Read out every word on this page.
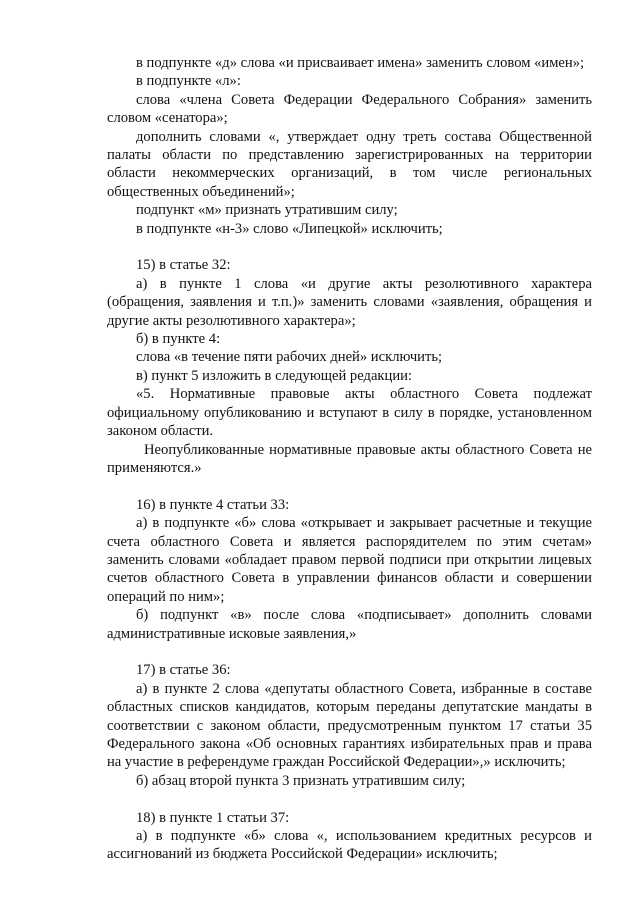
в подпункте «д» слова «и присваивает имена» заменить словом «имен»;

в подпункте «л»:

слова «члена Совета Федерации Федерального Собрания» заменить словом «сенатора»;

дополнить словами «, утверждает одну треть состава Общественной палаты области по представлению зарегистрированных на территории области некоммерческих организаций, в том числе региональных общественных объединений»;

подпункт «м» признать утратившим силу;

в подпункте «н-3» слово «Липецкой» исключить;

15) в статье 32:

а) в пункте 1 слова «и другие акты резолютивного характера (обращения, заявления и т.п.)» заменить словами «заявления, обращения и другие акты резолютивного характера»;

б) в пункте 4:

слова «в течение пяти рабочих дней» исключить;

в) пункт 5 изложить в следующей редакции:

«5. Нормативные правовые акты областного Совета подлежат официальному опубликованию и вступают в силу в порядке, установленном законом области.

Неопубликованные нормативные правовые акты областного Совета не применяются.»

16) в пункте 4 статьи 33:

а) в подпункте «б» слова «открывает и закрывает расчетные и текущие счета областного Совета и является распорядителем по этим счетам» заменить словами «обладает правом первой подписи при открытии лицевых счетов областного Совета в управлении финансов области и совершении операций по ним»;

б) подпункт «в» после слова «подписывает» дополнить словами административные исковые заявления,»

17) в статье 36:

а) в пункте 2 слова «депутаты областного Совета, избранные в составе областных списков кандидатов, которым переданы депутатские мандаты в соответствии с законом области, предусмотренным пунктом 17 статьи 35 Федерального закона «Об основных гарантиях избирательных прав и права на участие в референдуме граждан Российской Федерации»,» исключить;

б) абзац второй пункта 3 признать утратившим силу;

18) в пункте 1 статьи 37:

а) в подпункте «б» слова «, использованием кредитных ресурсов и ассигнований из бюджета Российской Федерации» исключить;
